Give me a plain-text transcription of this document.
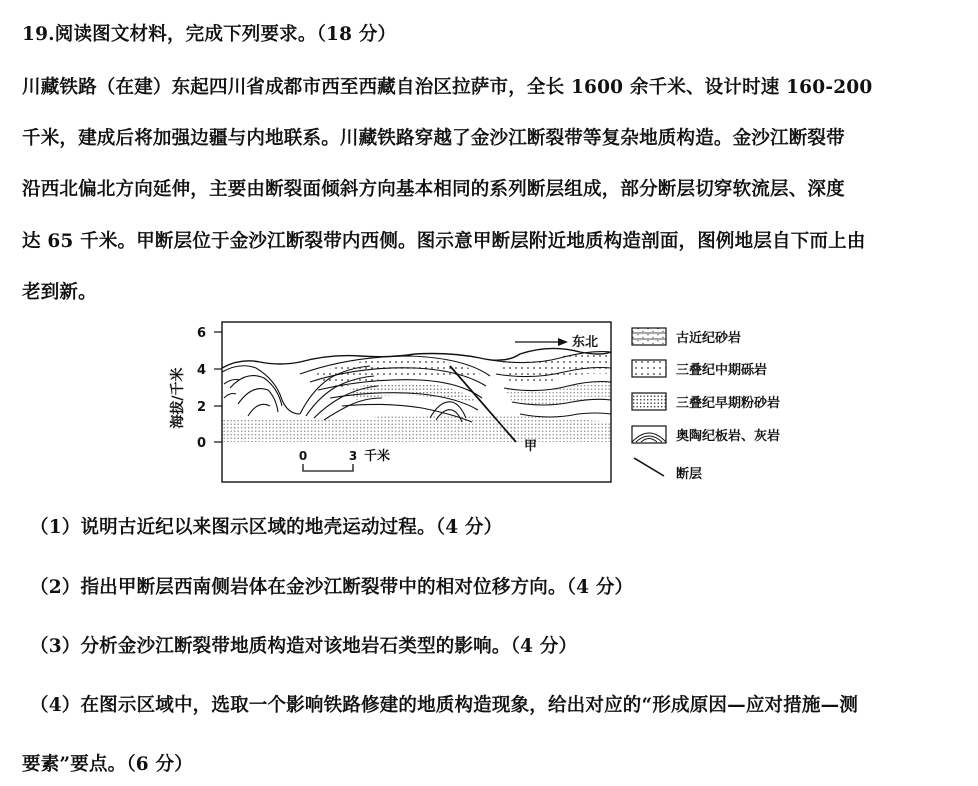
19.阅读图文材料，完成下列要求。（18 分）
川藏铁路（在建）东起四川省成都市西至西藏自治区拉萨市，全长 1600 余千米、设计时速 160-200
千米，建成后将加强边疆与内地联系。川藏铁路穿越了金沙江断裂带等复杂地质构造。金沙江断裂带
沿西北偏北方向延伸，主要由断裂面倾斜方向基本相同的系列断层组成，部分断层切穿软流层、深度
达 65 千米。甲断层位于金沙江断裂带内西侧。图示意甲断层附近地质构造剖面，图例地层自下而上由
老到新。
海拔/千米
6
4
2
0
东北
甲
0	3 千米
古近纪砂岩
三叠纪中期砾岩
三叠纪早期粉砂岩
奥陶纪板岩、灰岩
断层
（1）说明古近纪以来图示区域的地壳运动过程。（4 分）
（2）指出甲断层西南侧岩体在金沙江断裂带中的相对位移方向。（4 分）
（3）分析金沙江断裂带地质构造对该地岩石类型的影响。（4 分）
（4）在图示区域中，选取一个影响铁路修建的地质构造现象，给出对应的“形成原因—应对措施—测
要素”要点。（6 分）
